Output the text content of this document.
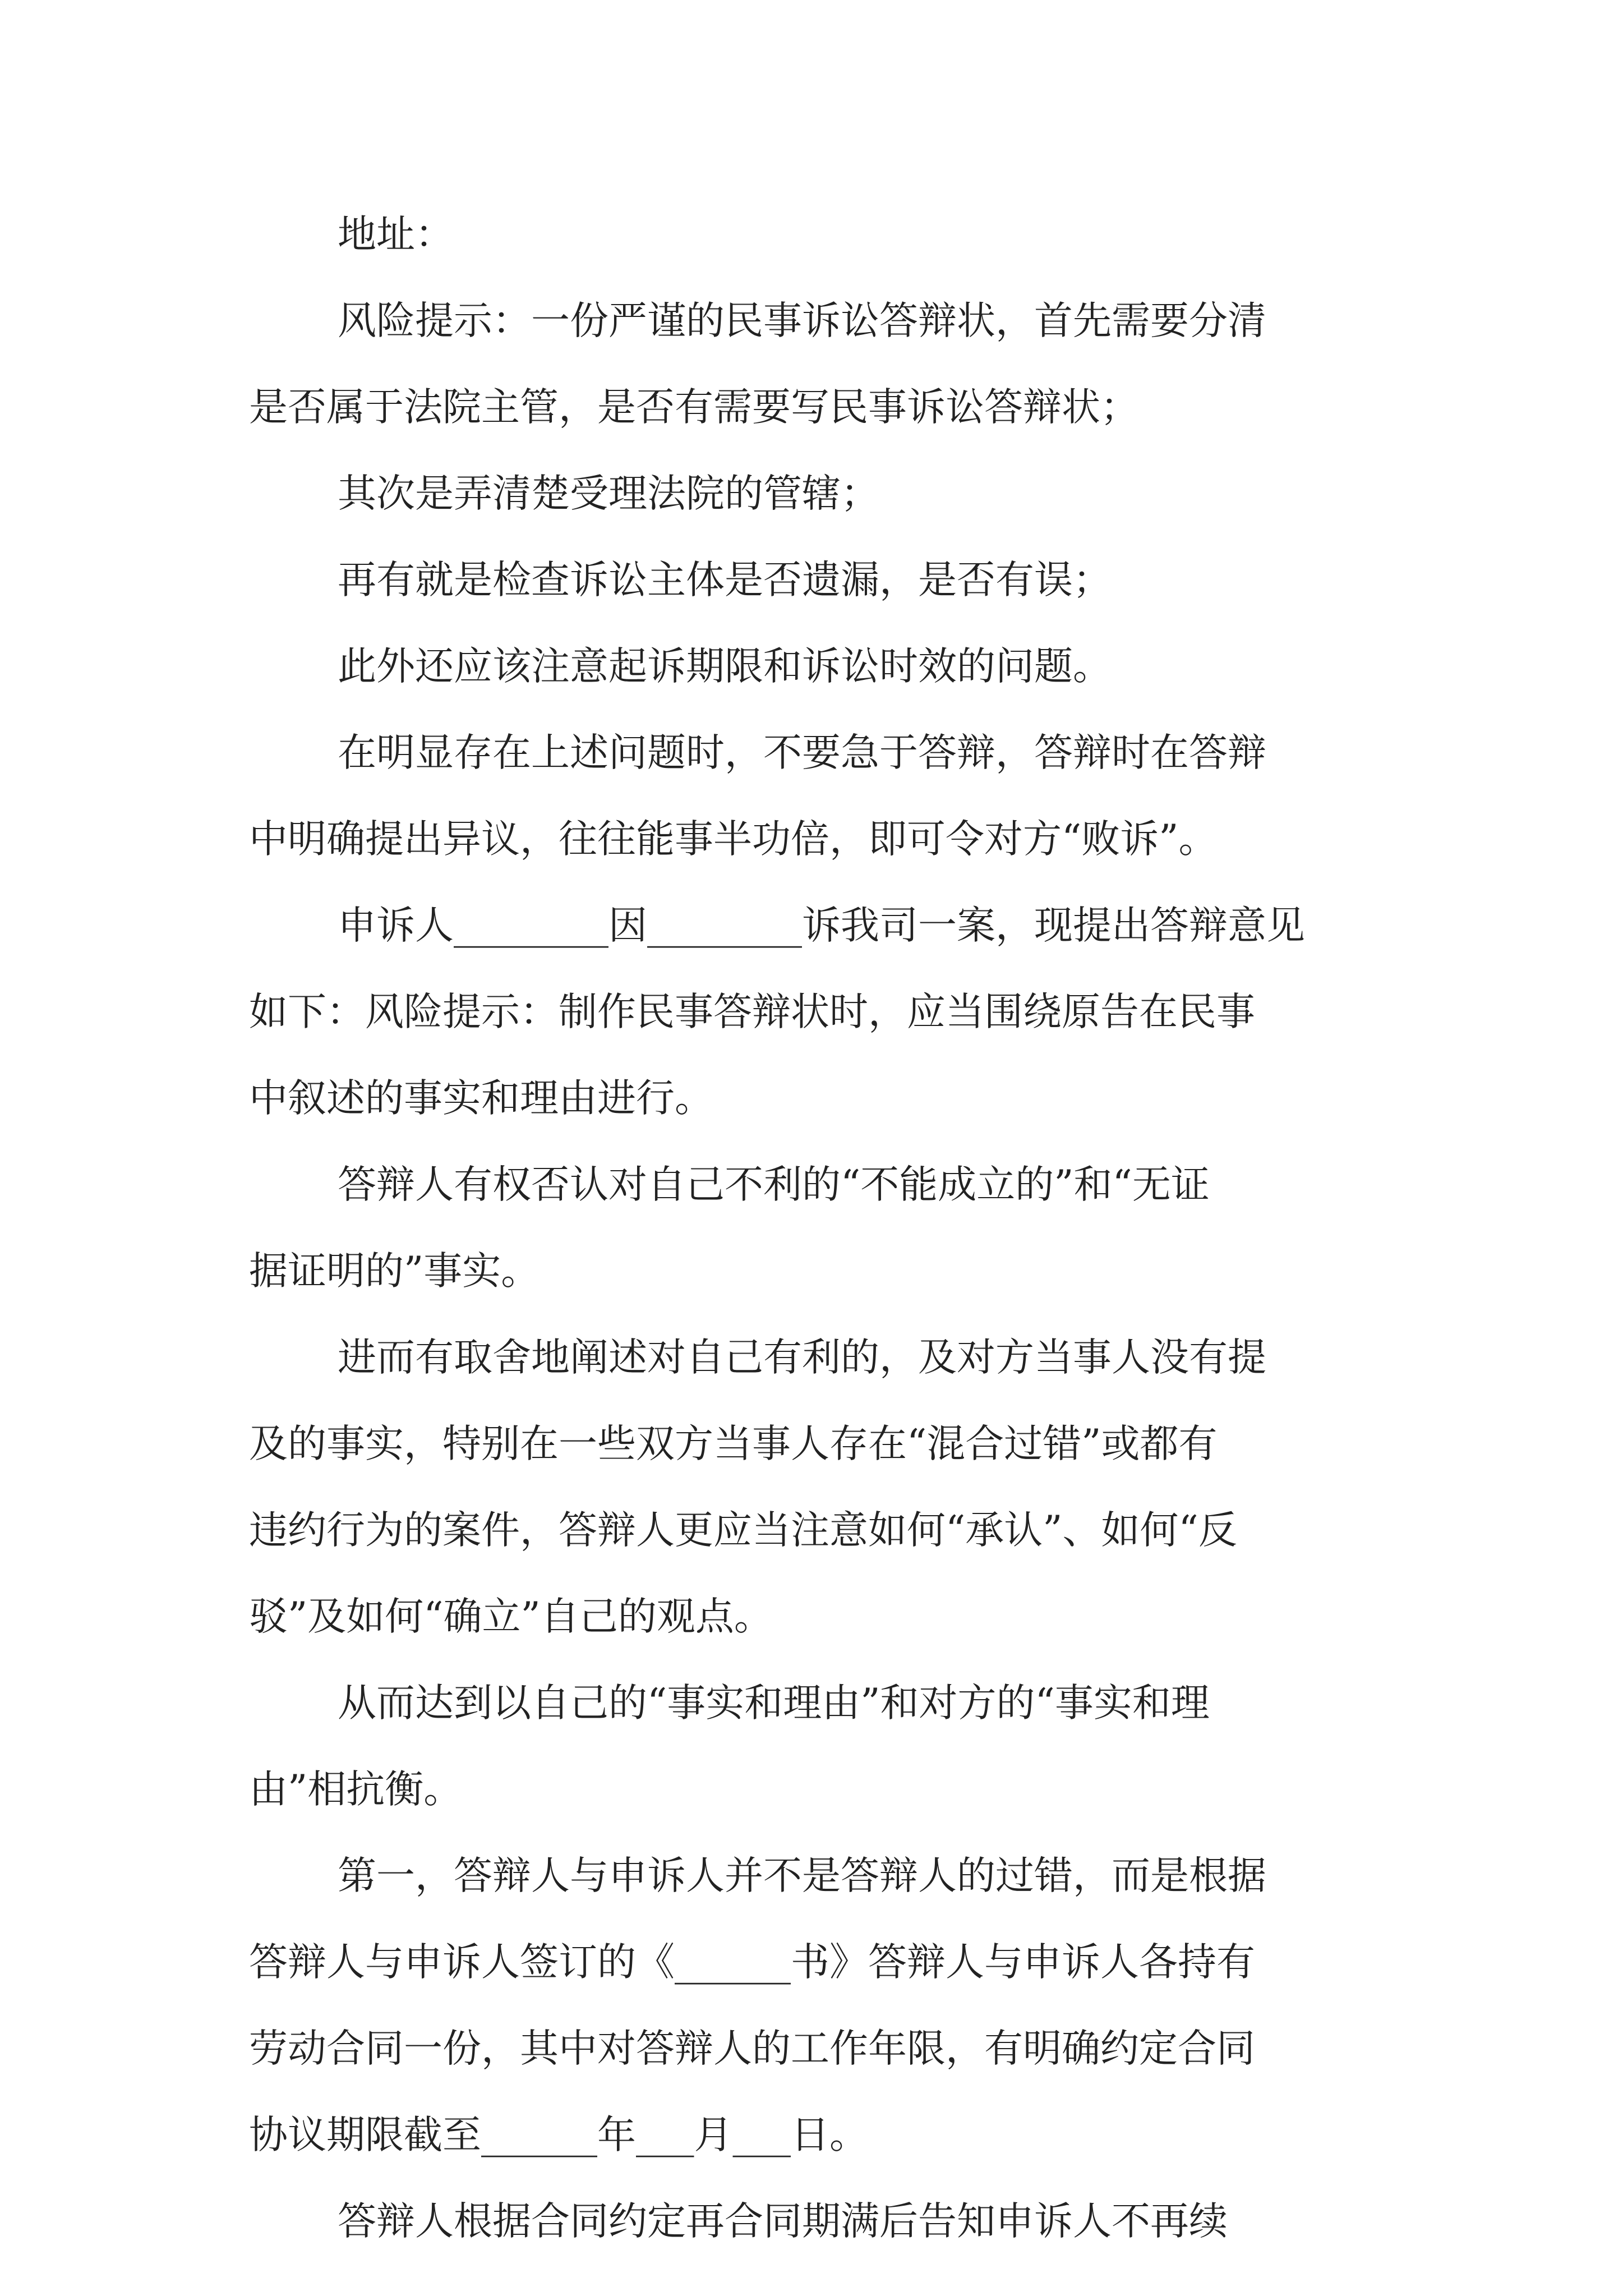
地址：
风险提示：一份严谨的民事诉讼答辩状，首先需要分清
是否属于法院主管，是否有需要写民事诉讼答辩状；
其次是弄清楚受理法院的管辖；
再有就是检查诉讼主体是否遗漏，是否有误；
此外还应该注意起诉期限和诉讼时效的问题。
在明显存在上述问题时，不要急于答辩，答辩时在答辩
中明确提出异议，往往能事半功倍，即可令对方“败诉”。
申诉人________因________诉我司一案，现提出答辩意见
如下：风险提示：制作民事答辩状时，应当围绕原告在民事
中叙述的事实和理由进行。
答辩人有权否认对自己不利的“不能成立的”和“无证
据证明的”事实。
进而有取舍地阐述对自己有利的，及对方当事人没有提
及的事实，特别在一些双方当事人存在“混合过错”或都有
违约行为的案件，答辩人更应当注意如何“承认”、如何“反
驳”及如何“确立”自己的观点。
从而达到以自己的“事实和理由”和对方的“事实和理
由”相抗衡。
第一，答辩人与申诉人并不是答辩人的过错，而是根据
答辩人与申诉人签订的《______书》答辩人与申诉人各持有
劳动合同一份，其中对答辩人的工作年限，有明确约定合同
协议期限截至______年___月___日。
答辩人根据合同约定再合同期满后告知申诉人不再续
